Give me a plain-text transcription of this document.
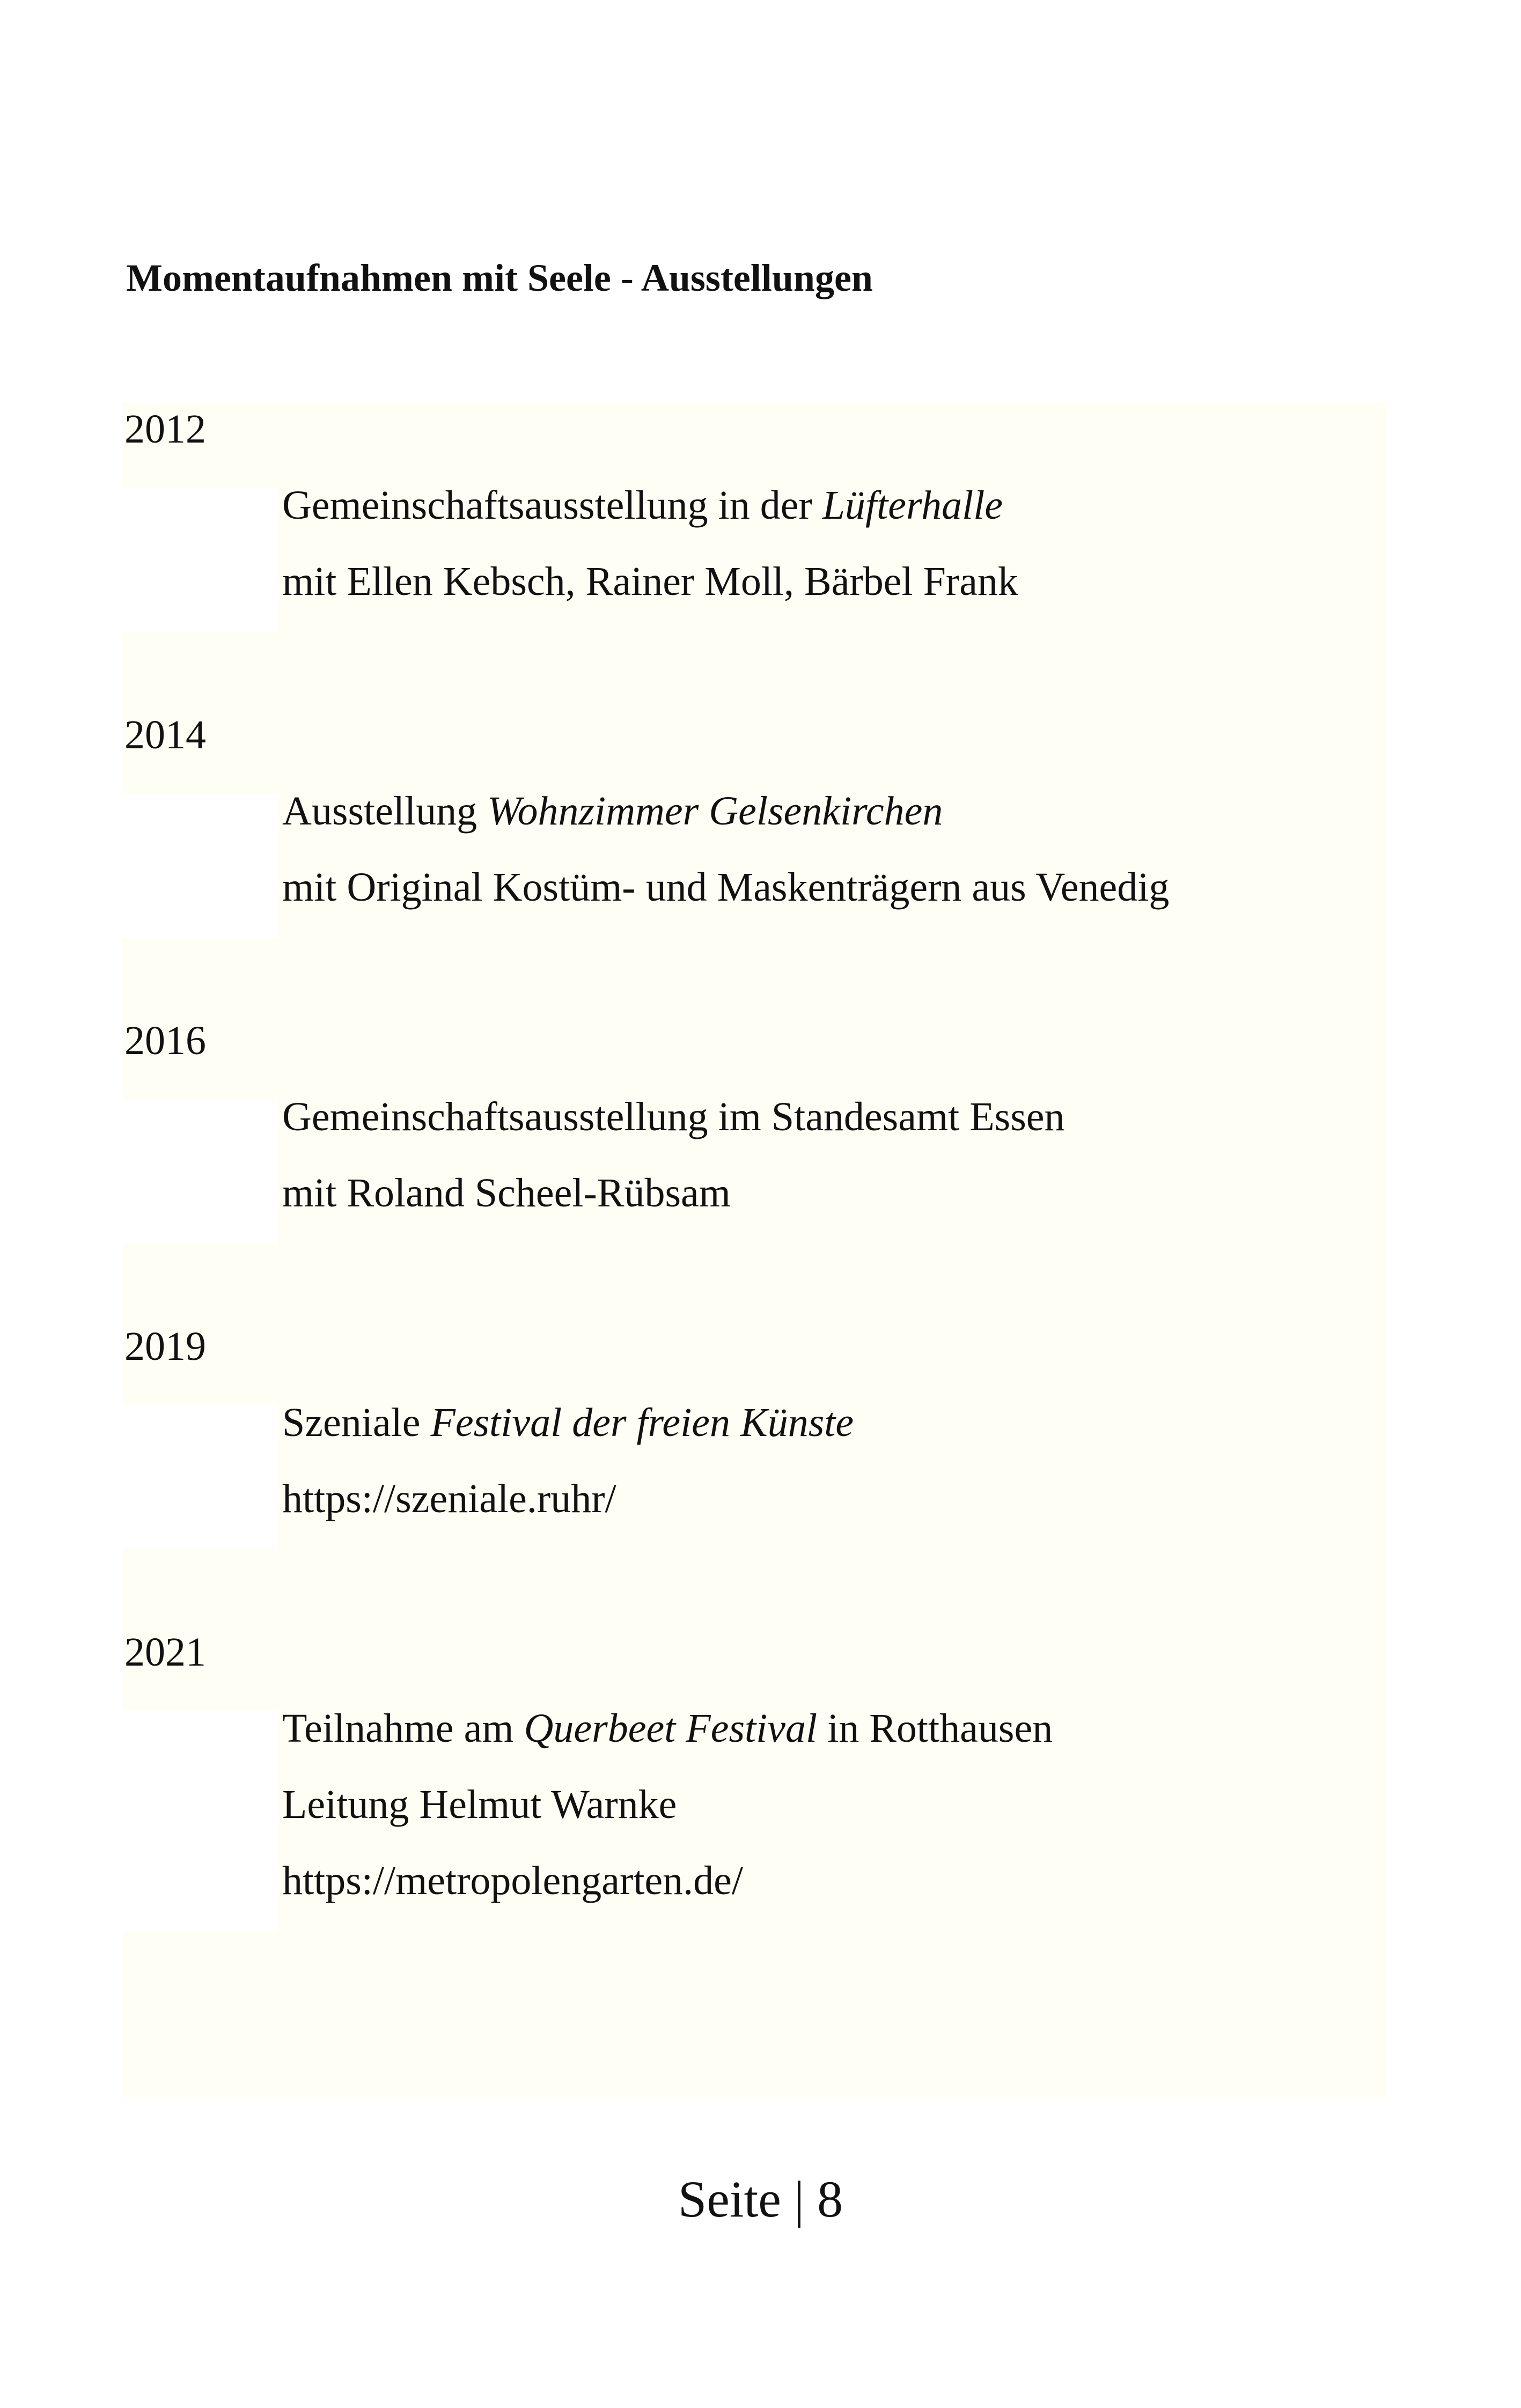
Momentaufnahmen mit Seele - Ausstellungen
2012
Gemeinschaftsausstellung in der Lüfterhalle
mit Ellen Kebsch, Rainer Moll, Bärbel Frank
2014
Ausstellung Wohnzimmer Gelsenkirchen
mit Original Kostüm- und Maskenträgern aus Venedig
2016
Gemeinschaftsausstellung im Standesamt Essen
mit Roland Scheel-Rübsam
2019
Szeniale Festival der freien Künste
https://szeniale.ruhr/
2021
Teilnahme am Querbeet Festival in Rotthausen
Leitung Helmut Warnke
https://metropolengarten.de/
Seite | 8
